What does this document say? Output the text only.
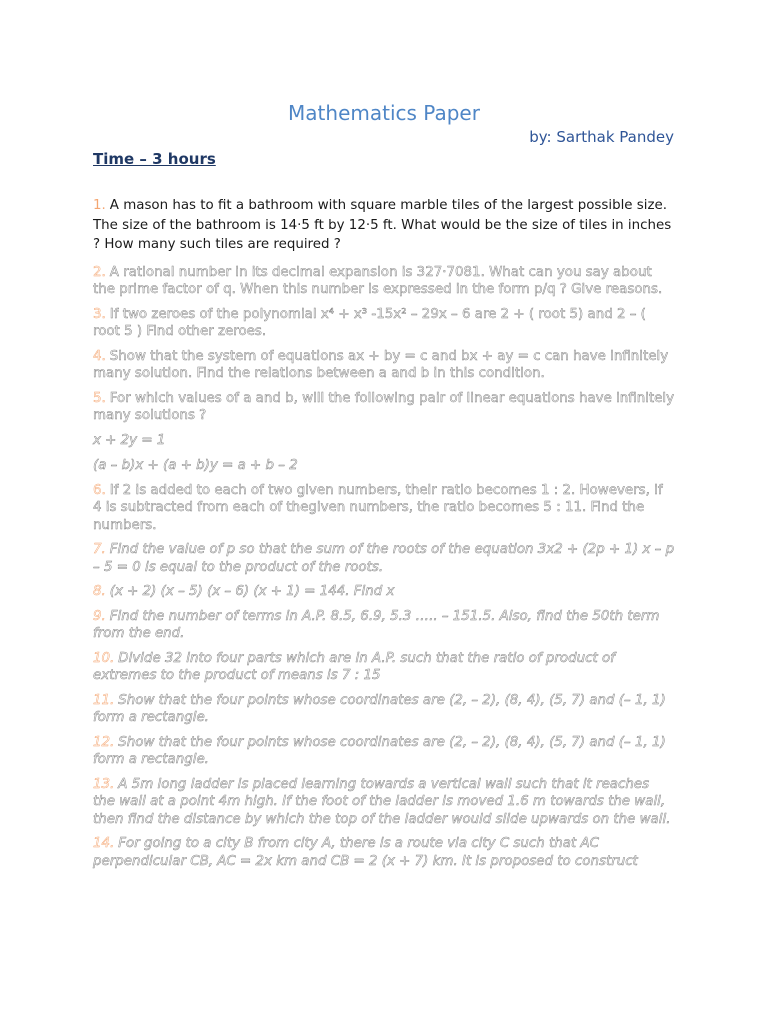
Mathematics Paper
by: Sarthak Pandey
Time – 3 hours

1. A mason has to fit a bathroom with square marble tiles of the largest possible size. The size of the bathroom is 14·5 ft by 12·5 ft. What would be the size of tiles in inches ? How many such tiles are required ?

2. A rational number in its decimal expansion is 327·7081. What can you say about the prime factor of q. When this number is expressed in the form p/q ? Give reasons.

3. If two zeroes of the polynomial x⁴ + x³ -15x² – 29x – 6 are 2 + ( root 5) and 2 – ( root 5 ) Find other zeroes.

4. Show that the system of equations ax + by = c and bx + ay = c can have infinitely many solution. Find the relations between a and b in this condition.

5. For which values of a and b, will the following pair of linear equations have infinitely many solutions ?

x + 2y = 1

(a – b)x + (a + b)y = a + b – 2

6. If 2 is added to each of two given numbers, their ratio becomes 1 : 2. Howevers, if 4 is subtracted from each of thegiven numbers, the ratio becomes 5 : 11. Find the numbers.

7. Find the value of p so that the sum of the roots of the equation 3x2 + (2p + 1) x – p – 5 = 0 is equal to the product of the roots.

8. (x + 2) (x – 5) (x – 6) (x + 1) = 144. Find x

9. Find the number of terms in A.P. 8.5, 6.9, 5.3 ….. – 151.5. Also, find the 50th term from the end.

10. Divide 32 into four parts which are in A.P. such that the ratio of product of extremes to the product of means is 7 : 15

11. Show that the four points whose coordinates are (2, – 2), (8, 4), (5, 7) and (– 1, 1) form a rectangle.

12. Show that the four points whose coordinates are (2, – 2), (8, 4), (5, 7) and (– 1, 1) form a rectangle.

13. A 5m long ladder is placed learning towards a vertical wall such that it reaches the wall at a point 4m high. If the foot of the ladder is moved 1.6 m towards the wall, then find the distance by which the top of the ladder would slide upwards on the wall.

14. For going to a city B from city A, there is a route via city C such that AC perpendicular CB, AC = 2x km and CB = 2 (x + 7) km. It is proposed to construct
